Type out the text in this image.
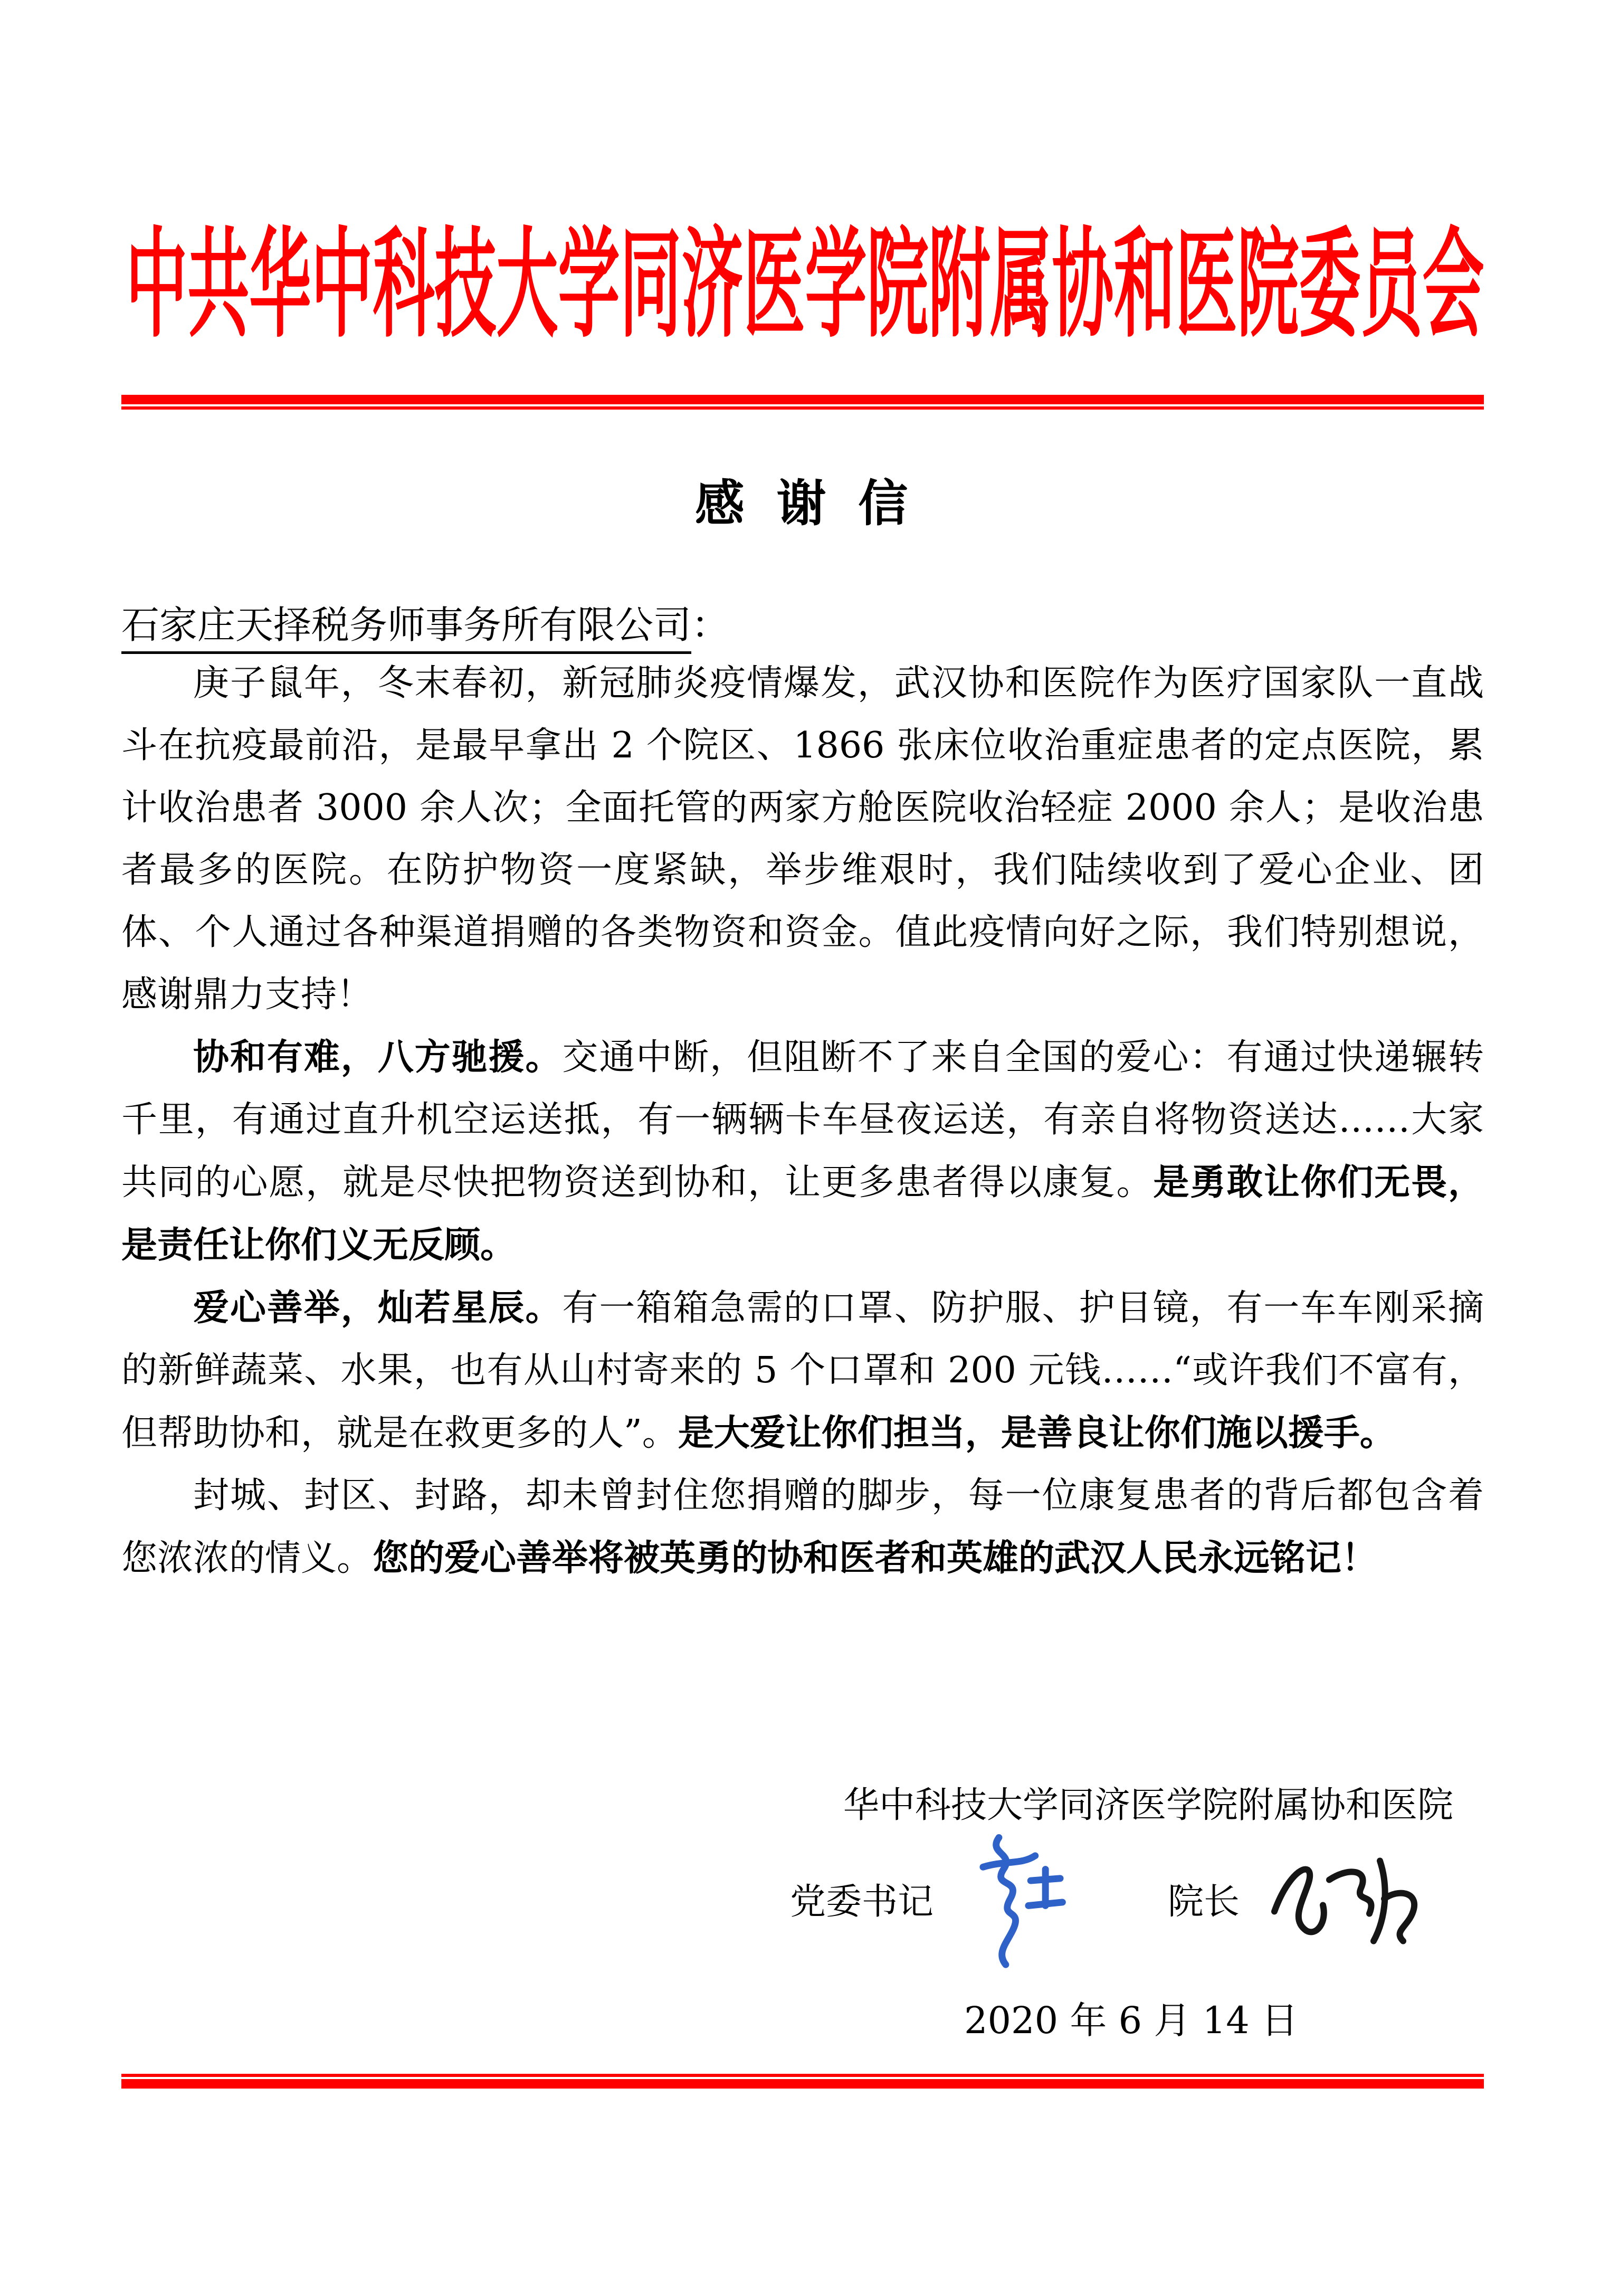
中共华中科技大学同济医学院附属协和医院委员会
感 谢 信
石家庄天择税务师事务所有限公司：

庚子鼠年，冬末春初，新冠肺炎疫情爆发，武汉协和医院作为医疗国家队一直战斗在抗疫最前沿，是最早拿出 2 个院区、1866 张床位收治重症患者的定点医院，累计收治患者 3000 余人次；全面托管的两家方舱医院收治轻症 2000 余人；是收治患者最多的医院。在防护物资一度紧缺，举步维艰时，我们陆续收到了爱心企业、团体、个人通过各种渠道捐赠的各类物资和资金。值此疫情向好之际，我们特别想说，感谢鼎力支持！

协和有难，八方驰援。交通中断，但阻断不了来自全国的爱心：有通过快递辗转千里，有通过直升机空运送抵，有一辆辆卡车昼夜运送，有亲自将物资送达……大家共同的心愿，就是尽快把物资送到协和，让更多患者得以康复。是勇敢让你们无畏，是责任让你们义无反顾。

爱心善举，灿若星辰。有一箱箱急需的口罩、防护服、护目镜，有一车车刚采摘的新鲜蔬菜、水果，也有从山村寄来的 5 个口罩和 200 元钱……“或许我们不富有，但帮助协和，就是在救更多的人”。是大爱让你们担当，是善良让你们施以援手。

封城、封区、封路，却未曾封住您捐赠的脚步，每一位康复患者的背后都包含着您浓浓的情义。您的爱心善举将被英勇的协和医者和英雄的武汉人民永远铭记！

华中科技大学同济医学院附属协和医院
党委书记	院长
2020 年 6 月 14 日
